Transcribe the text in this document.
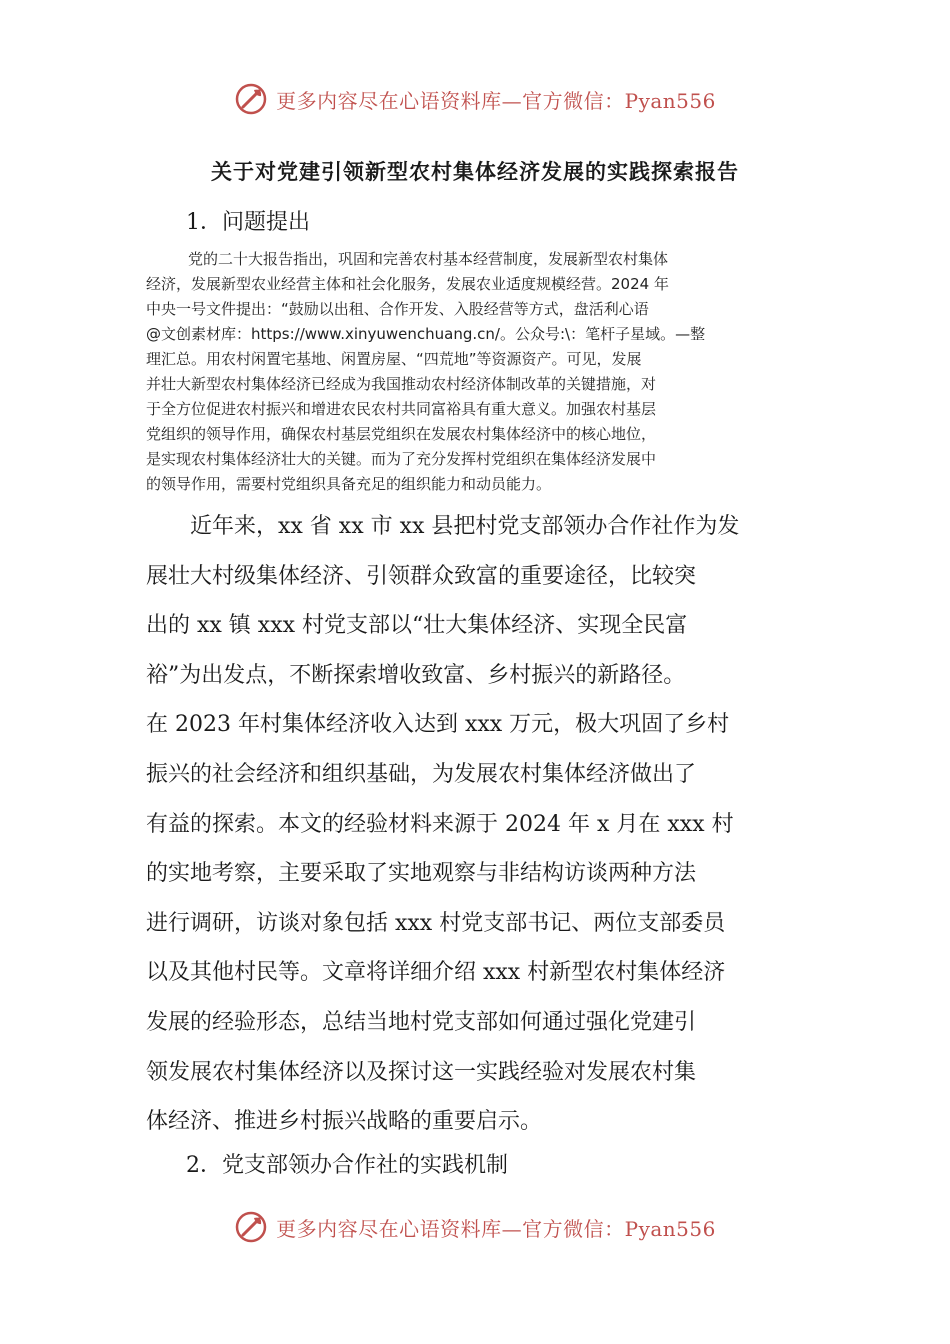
更多内容尽在心语资料库—官方微信：Pyan556
关于对党建引领新型农村集体经济发展的实践探索报告
1．问题提出
党的二十大报告指出，巩固和完善农村基本经营制度，发展新型农村集体
经济，发展新型农业经营主体和社会化服务，发展农业适度规模经营。2024 年
中央一号文件提出：“鼓励以出租、合作开发、入股经营等方式，盘活利心语
@文创素材库：https://www.xinyuwenchuang.cn/。公众号:\：笔杆子星域。—整
理汇总。用农村闲置宅基地、闲置房屋、“四荒地”等资源资产。可见，发展
并壮大新型农村集体经济已经成为我国推动农村经济体制改革的关键措施，对
于全方位促进农村振兴和增进农民农村共同富裕具有重大意义。加强农村基层
党组织的领导作用，确保农村基层党组织在发展农村集体经济中的核心地位，
是实现农村集体经济壮大的关键。而为了充分发挥村党组织在集体经济发展中
的领导作用，需要村党组织具备充足的组织能力和动员能力。
　　近年来，xx 省 xx 市 xx 县把村党支部领办合作社作为发
展壮大村级集体经济、引领群众致富的重要途径，比较突
出的 xx 镇 xxx 村党支部以“壮大集体经济、实现全民富
裕”为出发点，不断探索增收致富、乡村振兴的新路径。
在 2023 年村集体经济收入达到 xxx 万元，极大巩固了乡村
振兴的社会经济和组织基础，为发展农村集体经济做出了
有益的探索。本文的经验材料来源于 2024 年 x 月在 xxx 村
的实地考察，主要采取了实地观察与非结构访谈两种方法
进行调研，访谈对象包括 xxx 村党支部书记、两位支部委员
以及其他村民等。文章将详细介绍 xxx 村新型农村集体经济
发展的经验形态，总结当地村党支部如何通过强化党建引
领发展农村集体经济以及探讨这一实践经验对发展农村集
体经济、推进乡村振兴战略的重要启示。
2．党支部领办合作社的实践机制
更多内容尽在心语资料库—官方微信：Pyan556
